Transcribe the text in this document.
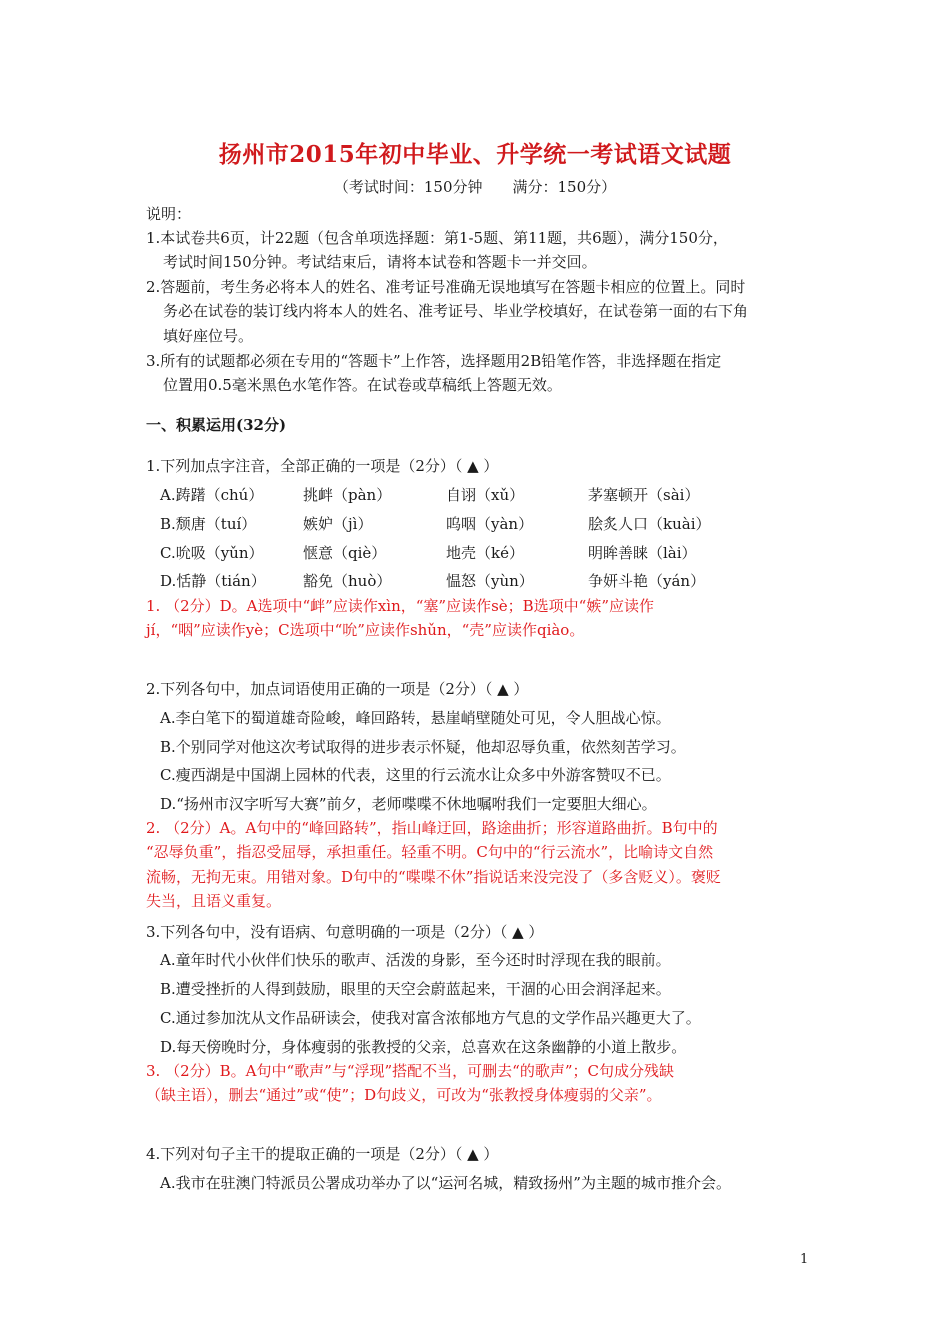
扬州市2015年初中毕业、升学统一考试语文试题
（考试时间：150分钟　　满分：150分）
说明：
1.本试卷共6页，计22题（包含单项选择题：第1-5题、第11题，共6题），满分150分，
考试时间150分钟。考试结束后，请将本试卷和答题卡一并交回。
2.答题前，考生务必将本人的姓名、准考证号准确无误地填写在答题卡相应的位置上。同时
务必在试卷的装订线内将本人的姓名、准考证号、毕业学校填好，在试卷第一面的右下角
填好座位号。
3.所有的试题都必须在专用的“答题卡”上作答，选择题用2B铅笔作答，非选择题在指定
位置用0.5毫米黑色水笔作答。在试卷或草稿纸上答题无效。
一、积累运用(32分)
1.下列加点字注音，全部正确的一项是（2分）（ ▲ ）
A.踌躇（chú）	挑衅（pàn）	自诩（xǔ）	茅塞顿开（sài）
B.颓唐（tuí）	嫉妒（jì）	呜咽（yàn）	脍炙人口（kuài）
C.吮吸（yǔn）	惬意（qiè）	地壳（ké）	明眸善睐（lài）
D.恬静（tián） 豁免（huò）	愠怒（yùn）	争妍斗艳（yán）
1. （2分）D。A选项中“衅”应读作xìn，“塞”应读作sè；B选项中“嫉”应读作
jí，“咽”应读作yè；C选项中“吮”应读作shǔn，“壳”应读作qiào。
2.下列各句中，加点词语使用正确的一项是（2分）（ ▲ ）
A.李白笔下的蜀道雄奇险峻，峰回路转，悬崖峭壁随处可见，令人胆战心惊。
B.个别同学对他这次考试取得的进步表示怀疑，他却忍辱负重，依然刻苦学习。
C.瘦西湖是中国湖上园林的代表，这里的行云流水让众多中外游客赞叹不已。
D.“扬州市汉字听写大赛”前夕，老师喋喋不休地嘱咐我们一定要胆大细心。
2. （2分）A。A句中的“峰回路转”，指山峰迂回，路途曲折；形容道路曲折。B句中的
“忍辱负重”，指忍受屈辱，承担重任。轻重不明。C句中的“行云流水”，比喻诗文自然
流畅，无拘无束。用错对象。D句中的“喋喋不休”指说话来没完没了（多含贬义）。褒贬
失当，且语义重复。
3.下列各句中，没有语病、句意明确的一项是（2分）（ ▲ ）
A.童年时代小伙伴们快乐的歌声、活泼的身影，至今还时时浮现在我的眼前。
B.遭受挫折的人得到鼓励，眼里的天空会蔚蓝起来，干涸的心田会润泽起来。
C.通过参加沈从文作品研读会，使我对富含浓郁地方气息的文学作品兴趣更大了。
D.每天傍晚时分，身体瘦弱的张教授的父亲，总喜欢在这条幽静的小道上散步。
3. （2分）B。A句中“歌声”与“浮现”搭配不当，可删去“的歌声”；C句成分残缺
（缺主语），删去“通过”或“使”；D句歧义，可改为“张教授身体瘦弱的父亲”。
4.下列对句子主干的提取正确的一项是（2分）（ ▲ ）
A.我市在驻澳门特派员公署成功举办了以“运河名城，精致扬州”为主题的城市推介会。
1
